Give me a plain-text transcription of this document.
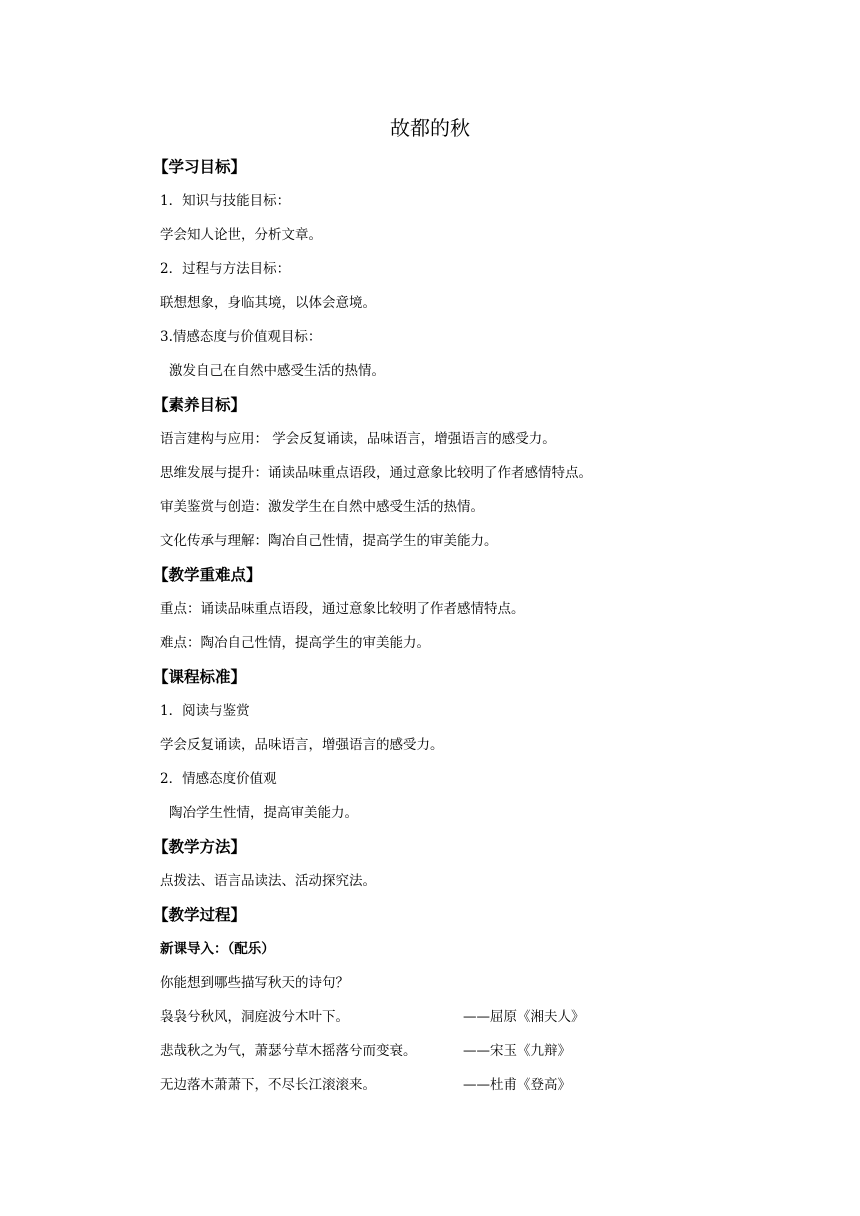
故都的秋
【学习目标】
1．知识与技能目标：
学会知人论世，分析文章。
2．过程与方法目标：
联想想象，身临其境，以体会意境。
3.情感态度与价值观目标：
激发自己在自然中感受生活的热情。
【素养目标】
语言建构与应用： 学会反复诵读，品味语言，增强语言的感受力。
思维发展与提升：诵读品味重点语段，通过意象比较明了作者感情特点。
审美鉴赏与创造：激发学生在自然中感受生活的热情。
文化传承与理解：陶冶自己性情，提高学生的审美能力。
【教学重难点】
重点：诵读品味重点语段，通过意象比较明了作者感情特点。
难点：陶冶自己性情，提高学生的审美能力。
【课程标准】
1．阅读与鉴赏
学会反复诵读，品味语言，增强语言的感受力。
2．情感态度价值观
陶冶学生性情，提高审美能力。
【教学方法】
点拨法、语言品读法、活动探究法。
【教学过程】
新课导入：（配乐）
你能想到哪些描写秋天的诗句？
袅袅兮秋风，洞庭波兮木叶下。	——屈原《湘夫人》
悲哉秋之为气，萧瑟兮草木摇落兮而变衰。	——宋玉《九辩》
无边落木萧萧下，不尽长江滚滚来。	——杜甫《登高》
